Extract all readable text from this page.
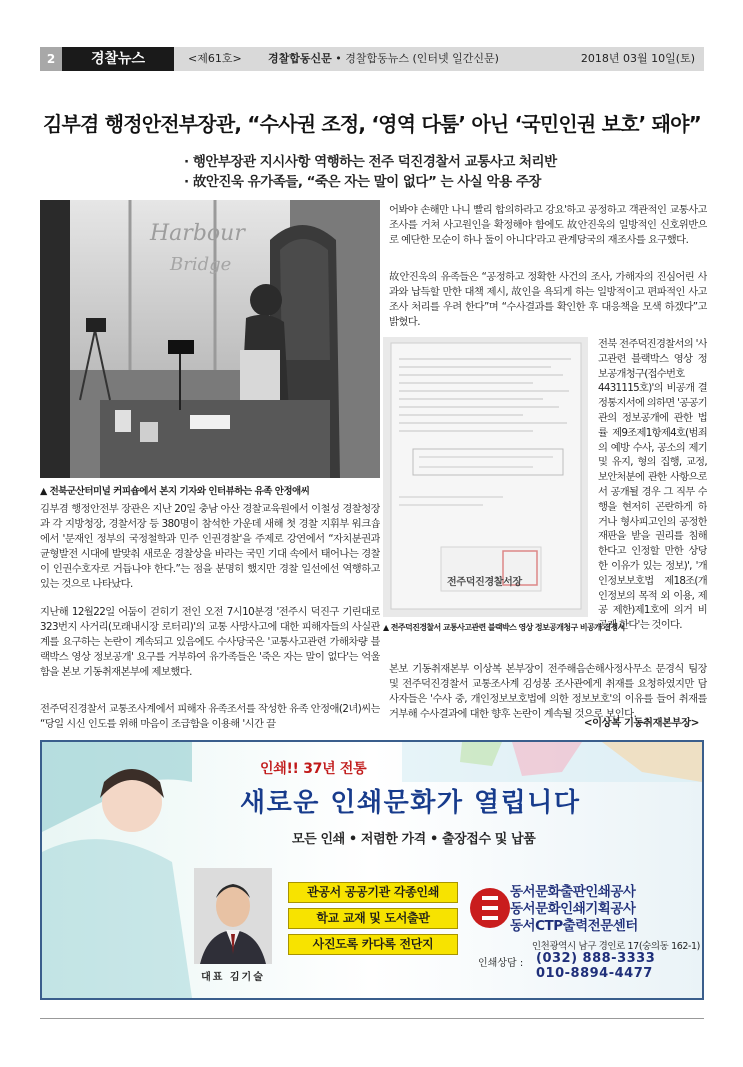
2	경찰뉴스	<제61호> 경찰합동신문 • 경찰합동뉴스 (인터넷 일간신문)	2018년 03월 10일(토)
김부겸 행정안전부장관, “수사권 조정, ‘영역 다툼’ 아닌 ‘국민인권 보호’ 돼야”
· 행안부장관 지시사항 역행하는 전주 덕진경찰서 교통사고 처리반
· 故안진욱 유가족들, “죽은 자는 말이 없다” 는 사실 악용 주장
Harbour
Bridge
▲ 전북군산터미널 커피숍에서 본지 기자와 인터뷰하는 유족 안정애씨

김부겸 행정안전부 장관은 지난 20일 충남 아산 경찰교육원에서 이철성 경찰청장과 각 지방청장, 경찰서장 등 380명이 참석한 가운데 새해 첫 경찰 지휘부 워크숍에서 '문재인 정부의 국정철학과 민주 인권경찰'을 주제로 강연에서 “자치분권과 균형발전 시대에 발맞춰 새로운 경찰상을 바라는 국민 기대 속에서 태어나는 경찰이 인권수호자로 거듭나야 한다.”는 점을 분명히 했지만 경찰 일선에선 역행하고 있는 것으로 나타났다.

지난해 12월22일 어둠이 걷히기 전인 오전 7시10분경 '전주시 덕진구 기린대로 323번지 사거리(모래내시장 로터리)'의 교통 사망사고에 대한 피해자들의 사실관계를 요구하는 논란이 계속되고 있음에도 수사당국은 '교통사고관련 가해차량 블랙박스 영상 정보공개' 요구를 거부하여 유가족들은 '죽은 자는 말이 없다'는 억울함을 본보 기동취재본부에 제보했다.

전주덕진경찰서 교통조사계에서 피해자 유족조서를 작성한 유족 안정애(2녀)씨는 “당일 시신 인도를 위해 마음이 조급함을 이용해 '시간 끌

어봐야 손해만 나니 빨리 합의하라고 강요'하고 공정하고 객관적인 교통사고 조사를 거쳐 사고원인을 확정해야 함에도 故안진욱의 일방적인 신호위반으로 예단한 모순이 하나 둘이 아니다'라고 관계당국의 재조사를 요구했다.

故안진욱의 유족들은 “공정하고 정확한 사건의 조사, 가해자의 진심어린 사과와 납득할 만한 대책 제시, 故인을 욕되게 하는 일방적이고 편파적인 사고조사 처리를 우려 한다”며 “수사결과를 확인한 후 대응책을 모색 하겠다”고 밝혔다.

전주덕진경찰서장
▲ 전주덕진경찰서 교통사고관련 블랙박스 영상 정보공개청구 비공개 결정서

전북 전주덕진경찰서의 '사고관련 블랙박스 영상 정보공개청구(접수번호 4431115호)'의 비공개 결정통지서에 의하면 '공공기관의 정보공개에 관한 법률 제9조제1항제4호(범죄의 예방 수사, 공소의 제기 및 유지, 형의 집행, 교정, 보안처분에 관한 사항으로서 공개될 경우 그 직무 수행을 현저히 곤란하게 하거나 형사피고인의 공정한 재판을 받을 권리를 침해한다고 인정할 만한 상당한 이유가 있는 정보)', '개인정보보호법 제18조(개인정보의 목적 외 이용, 제공 제한)제1호에 의거 비공개 한다'는 것이다.

본보 기동취재본부 이상복 본부장이 전주해음손해사정사무소 문경식 팀장 및 전주덕진경찰서 교통조사계 김성봉 조사관에게 취재를 요청하였지만 담사자들은 '수사 중, 개인정보보호법에 의한 정보보호'의 이유를 들어 취재를 거부해 수사결과에 대한 향후 논란이 계속될 것으로 보인다.

<이상복 기동취재본부장>
인쇄!! 37년 전통
새로운 인쇄문화가 열립니다
모든 인쇄 • 저렴한 가격 • 출장접수 및 납품
관공서 공공기관 각종인쇄
학교 교재 및 도서출판
사진도록 카다록 전단지
대표 김기술
동서문화출판인쇄공사
동서문화인쇄기획공사
동서CTP출력전문센터
인천광역시 남구 경인로 17(숭의동 162-1)
인쇄상담 : (032) 888-3333
010-8894-4477
